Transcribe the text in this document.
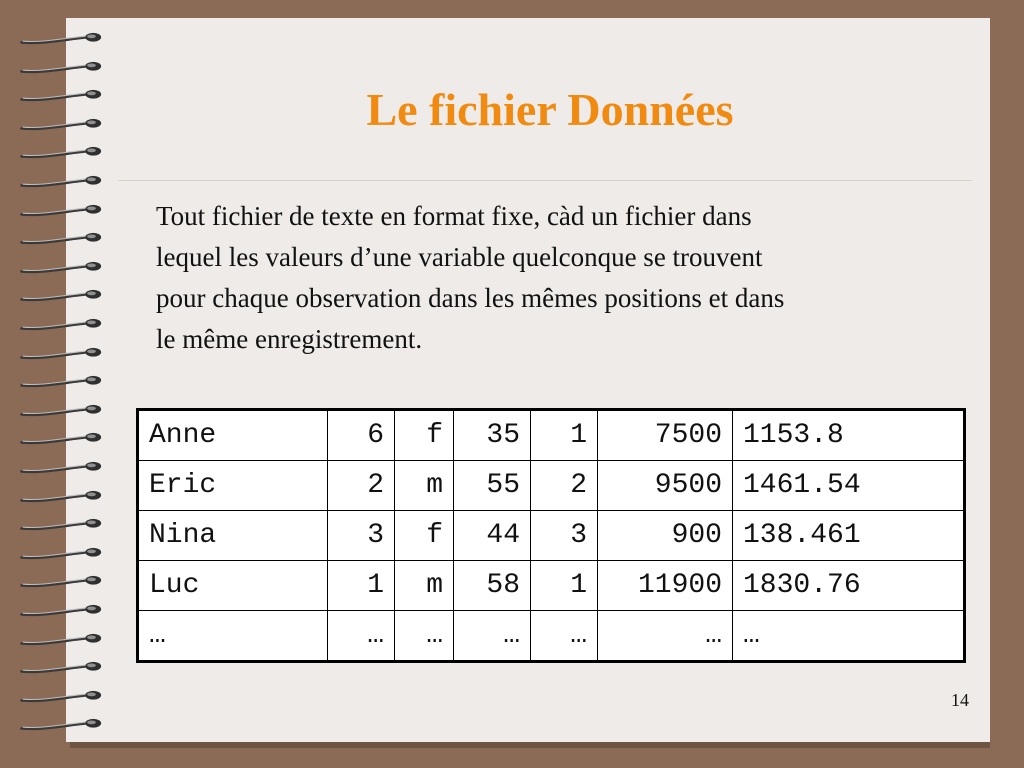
Le fichier Données

Tout fichier de texte en format fixe, càd un fichier dans
lequel les valeurs d’une variable quelconque se trouvent
pour chaque observation dans les mêmes positions et dans
le même enregistrement.

Anne	6	f	35	1	7500	1153.8
Eric	2	m	55	2	9500	1461.54
Nina	3	f	44	3	900	138.461
Luc	1	m	58	1	11900	1830.76
…	…	…	…	…	…	…
14
